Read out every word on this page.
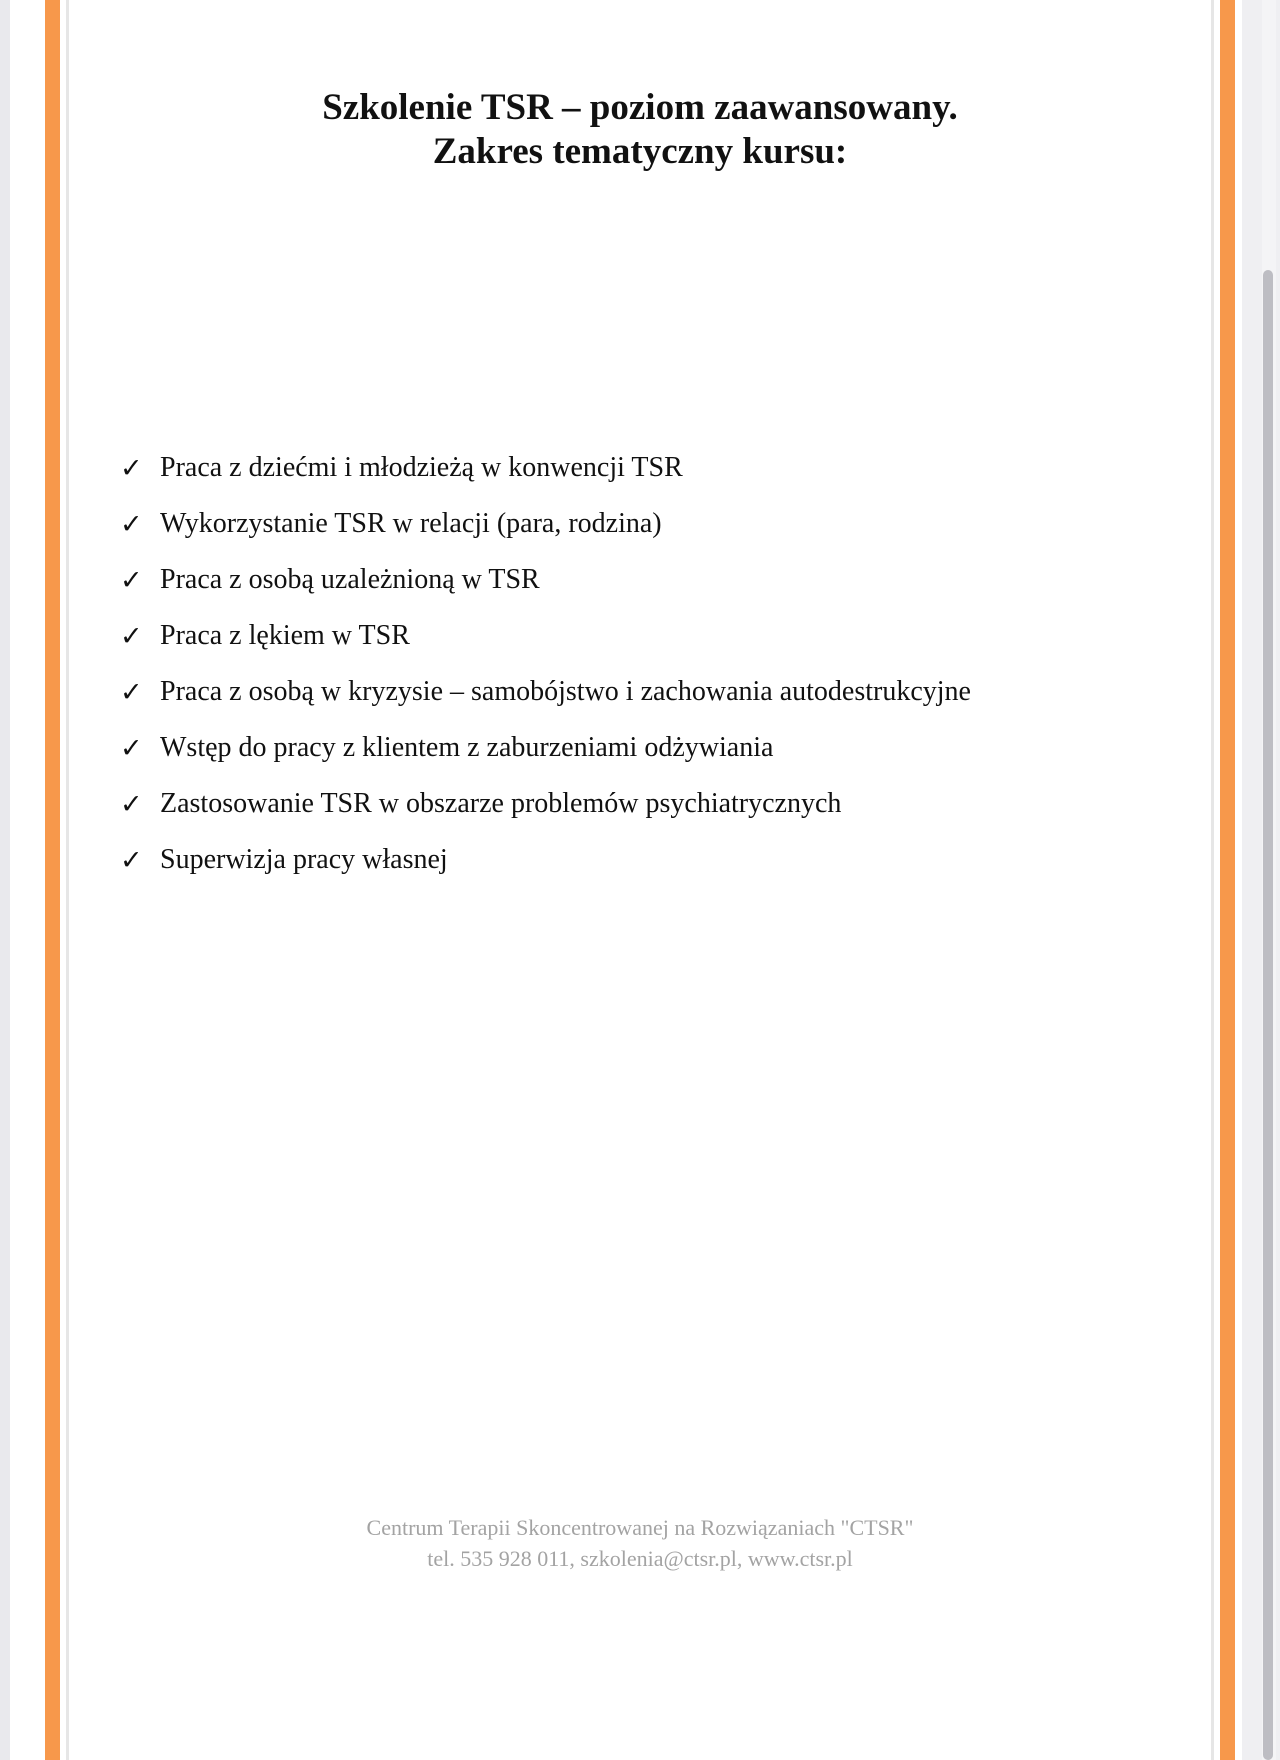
Szkolenie TSR – poziom zaawansowany.
Zakres tematyczny kursu:
✓ Praca z dziećmi i młodzieżą w konwencji TSR
✓ Wykorzystanie TSR w relacji (para, rodzina)
✓ Praca z osobą uzależnioną w TSR
✓ Praca z lękiem w TSR
✓ Praca z osobą w kryzysie – samobójstwo i zachowania autodestrukcyjne
✓ Wstęp do pracy z klientem z zaburzeniami odżywiania
✓ Zastosowanie TSR w obszarze problemów psychiatrycznych
✓ Superwizja pracy własnej
Centrum Terapii Skoncentrowanej na Rozwiązaniach "CTSR"
tel. 535 928 011, szkolenia@ctsr.pl, www.ctsr.pl
